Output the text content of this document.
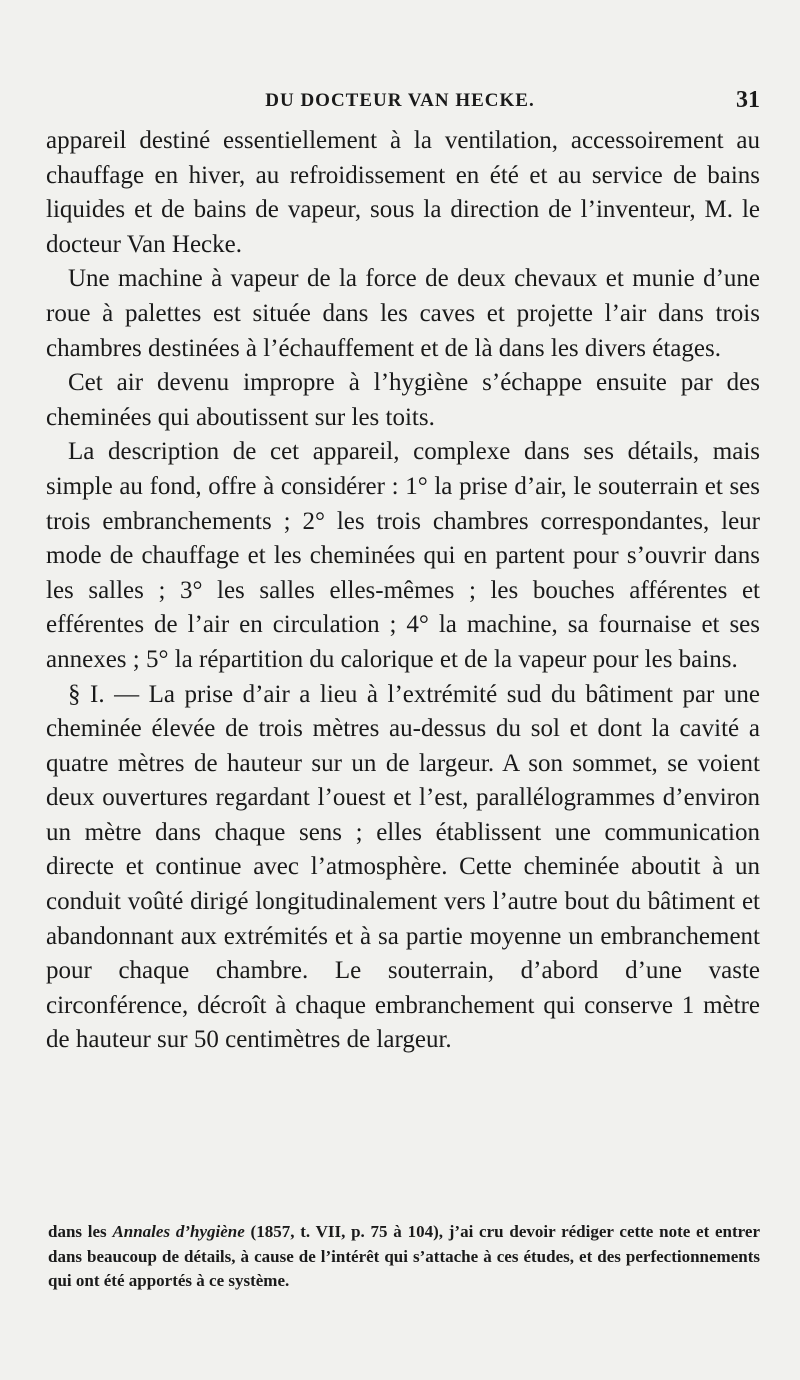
DU DOCTEUR VAN HECKE.	31

appareil destiné essentiellement à la ventilation, accessoirement au chauffage en hiver, au refroidissement en été et au service de bains liquides et de bains de vapeur, sous la direction de l’inventeur, M. le docteur Van Hecke.

Une machine à vapeur de la force de deux chevaux et munie d’une roue à palettes est située dans les caves et projette l’air dans trois chambres destinées à l’échauffement et de là dans les divers étages.

Cet air devenu impropre à l’hygiène s’échappe ensuite par des cheminées qui aboutissent sur les toits.

La description de cet appareil, complexe dans ses détails, mais simple au fond, offre à considérer : 1° la prise d’air, le souterrain et ses trois embranchements ; 2° les trois chambres correspondantes, leur mode de chauffage et les cheminées qui en partent pour s’ouvrir dans les salles ; 3° les salles elles-mêmes ; les bouches afférentes et efférentes de l’air en circulation ; 4° la machine, sa fournaise et ses annexes ; 5° la répartition du calorique et de la vapeur pour les bains.

§ I. — La prise d’air a lieu à l’extrémité sud du bâtiment par une cheminée élevée de trois mètres au-dessus du sol et dont la cavité a quatre mètres de hauteur sur un de largeur. A son sommet, se voient deux ouvertures regardant l’ouest et l’est, parallélogrammes d’environ un mètre dans chaque sens ; elles établissent une communication directe et continue avec l’atmosphère. Cette cheminée aboutit à un conduit voûté dirigé longitudinalement vers l’autre bout du bâtiment et abandonnant aux extrémités et à sa partie moyenne un embranchement pour chaque chambre. Le souterrain, d’abord d’une vaste circonférence, décroît à chaque embranchement qui conserve 1 mètre de hauteur sur 50 centimètres de largeur.

dans les Annales d’hygiène (1857, t. VII, p. 75 à 104), j’ai cru devoir rédiger cette note et entrer dans beaucoup de détails, à cause de l’intérêt qui s’attache à ces études, et des perfectionnements qui ont été apportés à ce système.
